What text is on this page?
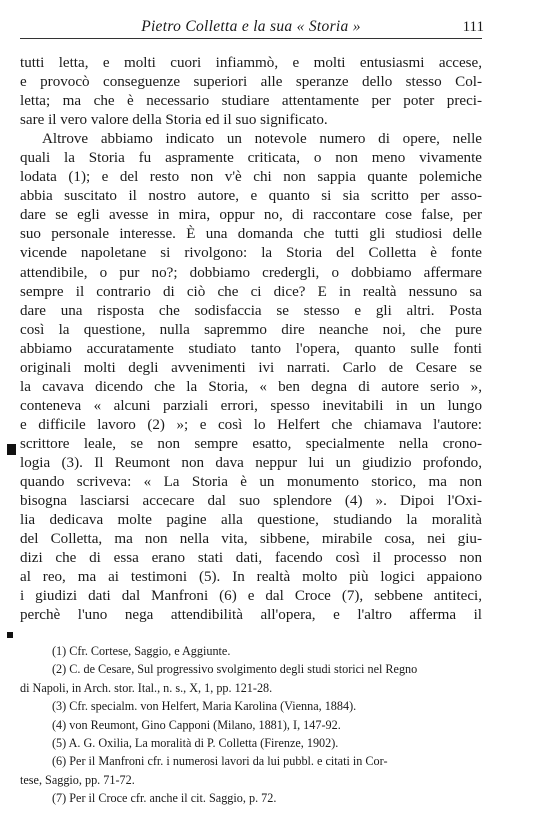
Pietro Colletta e la sua « Storia »	111
tutti letta, e molti cuori infiammò, e molti entusiasmi accese,
e provocò conseguenze superiori alle speranze dello stesso Col-
letta; ma che è necessario studiare attentamente per poter preci-
sare il vero valore della Storia ed il suo significato.
Altrove abbiamo indicato un notevole numero di opere, nelle
quali la Storia fu aspramente criticata, o non meno vivamente
lodata (1); e del resto non v'è chi non sappia quante polemiche
abbia suscitato il nostro autore, e quanto si sia scritto per asso-
dare se egli avesse in mira, oppur no, di raccontare cose false, per
suo personale interesse. È una domanda che tutti gli studiosi delle
vicende napoletane si rivolgono: la Storia del Colletta è fonte
attendibile, o pur no?; dobbiamo credergli, o dobbiamo affermare
sempre il contrario di ciò che ci dice? E in realtà nessuno sa
dare una risposta che sodisfaccia se stesso e gli altri. Posta
così la questione, nulla sapremmo dire neanche noi, che pure
abbiamo accuratamente studiato tanto l'opera, quanto sulle fonti
originali molti degli avvenimenti ivi narrati. Carlo de Cesare se
la cavava dicendo che la Storia, « ben degna di autore serio »,
conteneva « alcuni parziali errori, spesso inevitabili in un lungo
e difficile lavoro (2) »; e così lo Helfert che chiamava l'autore:
scrittore leale, se non sempre esatto, specialmente nella crono-
logia (3). Il Reumont non dava neppur lui un giudizio profondo,
quando scriveva: « La Storia è un monumento storico, ma non
bisogna lasciarsi accecare dal suo splendore (4) ». Dipoi l'Oxi-
lia dedicava molte pagine alla questione, studiando la moralità
del Colletta, ma non nella vita, sibbene, mirabile cosa, nei giu-
dizi che di essa erano stati dati, facendo così il processo non
al reo, ma ai testimoni (5). In realtà molto più logici appaiono
i giudizi dati dal Manfroni (6) e dal Croce (7), sebbene antiteci,
perchè l'uno nega attendibilità all'opera, e l'altro afferma il
(1) Cfr. Cortese, Saggio, e Aggiunte.
(2) C. de Cesare, Sul progressivo svolgimento degli studi storici nel Regno
di Napoli, in Arch. stor. Ital., n. s., X, 1, pp. 121-28.
(3) Cfr. specialm. von Helfert, Maria Karolina (Vienna, 1884).
(4) von Reumont, Gino Capponi (Milano, 1881), I, 147-92.
(5) A. G. Oxilia, La moralità di P. Colletta (Firenze, 1902).
(6) Per il Manfroni cfr. i numerosi lavori da lui pubbl. e citati in Cor-
tese, Saggio, pp. 71-72.
(7) Per il Croce cfr. anche il cit. Saggio, p. 72.
